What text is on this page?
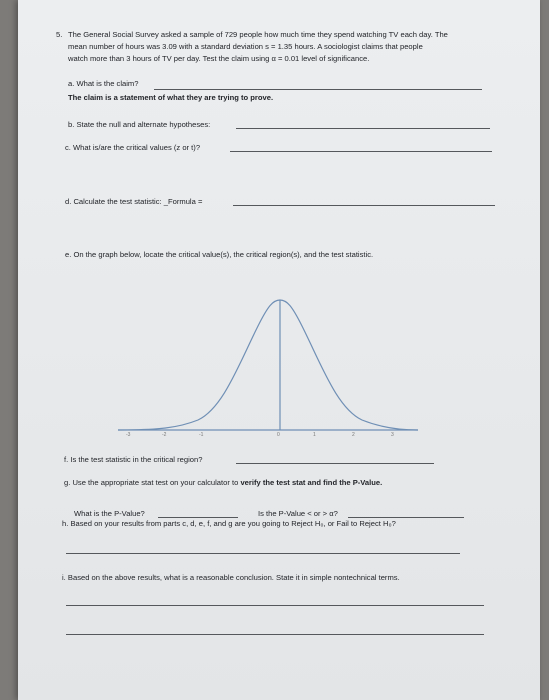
5. The General Social Survey asked a sample of 729 people how much time they spend watching TV each day. The
mean number of hours was 3.09 with a standard deviation s = 1.35 hours. A sociologist claims that people
watch more than 3 hours of TV per day. Test the claim using α = 0.01 level of significance.
a. What is the claim?
The claim is a statement of what they are trying to prove.
b. State the null and alternate hypotheses:
c. What is/are the critical values (z or t)?
d. Calculate the test statistic: _Formula =
e. On the graph below, locate the critical value(s), the critical region(s), and the test statistic.
-3	-2	-1	0	1	2	3
f. Is the test statistic in the critical region?
g. Use the appropriate stat test on your calculator to verify the test stat and find the P-Value.
What is the P-Value?	Is the P-Value < or > α?
h. Based on your results from parts c, d, e, f, and g are you going to Reject H₀, or Fail to Reject H₀?
i. Based on the above results, what is a reasonable conclusion. State it in simple nontechnical terms.
